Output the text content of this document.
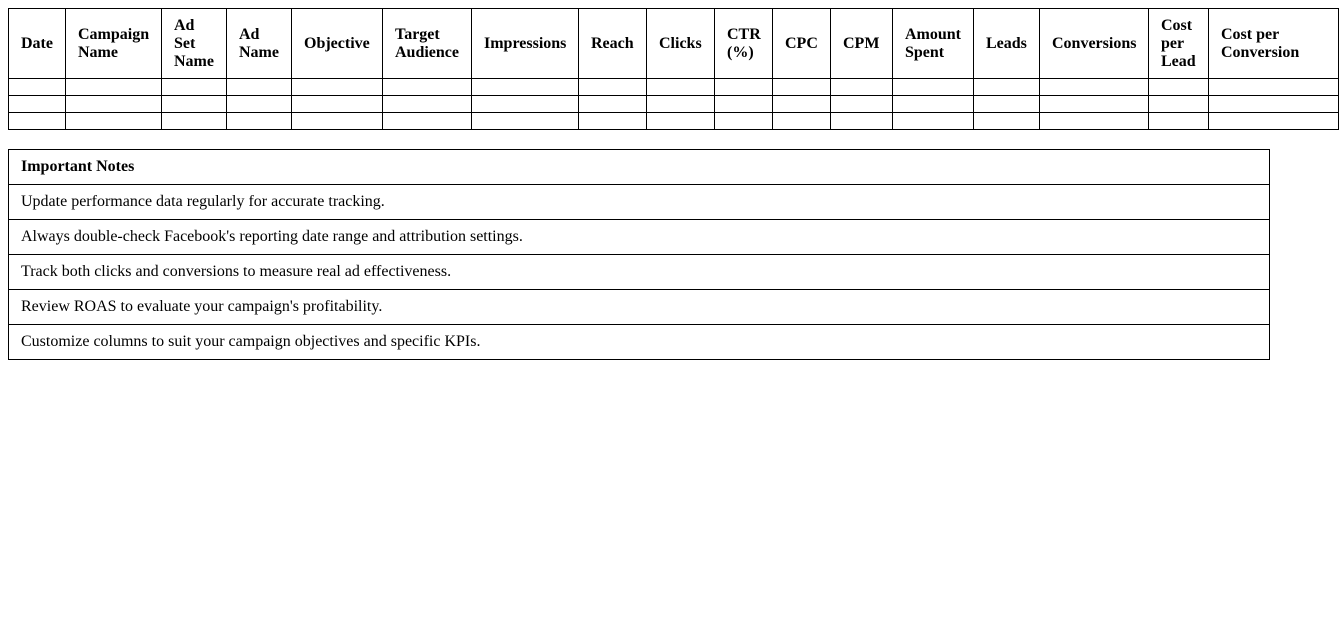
Date	Campaign Name	Ad Set Name	Ad Name	Objective	Target Audience	Impressions	Reach	Clicks	CTR (%)	CPC	CPM	Amount Spent	Leads	Conversions	Cost per Lead	Cost per Conversion

Important Notes
Update performance data regularly for accurate tracking.
Always double-check Facebook's reporting date range and attribution settings.
Track both clicks and conversions to measure real ad effectiveness.
Review ROAS to evaluate your campaign's profitability.
Customize columns to suit your campaign objectives and specific KPIs.
